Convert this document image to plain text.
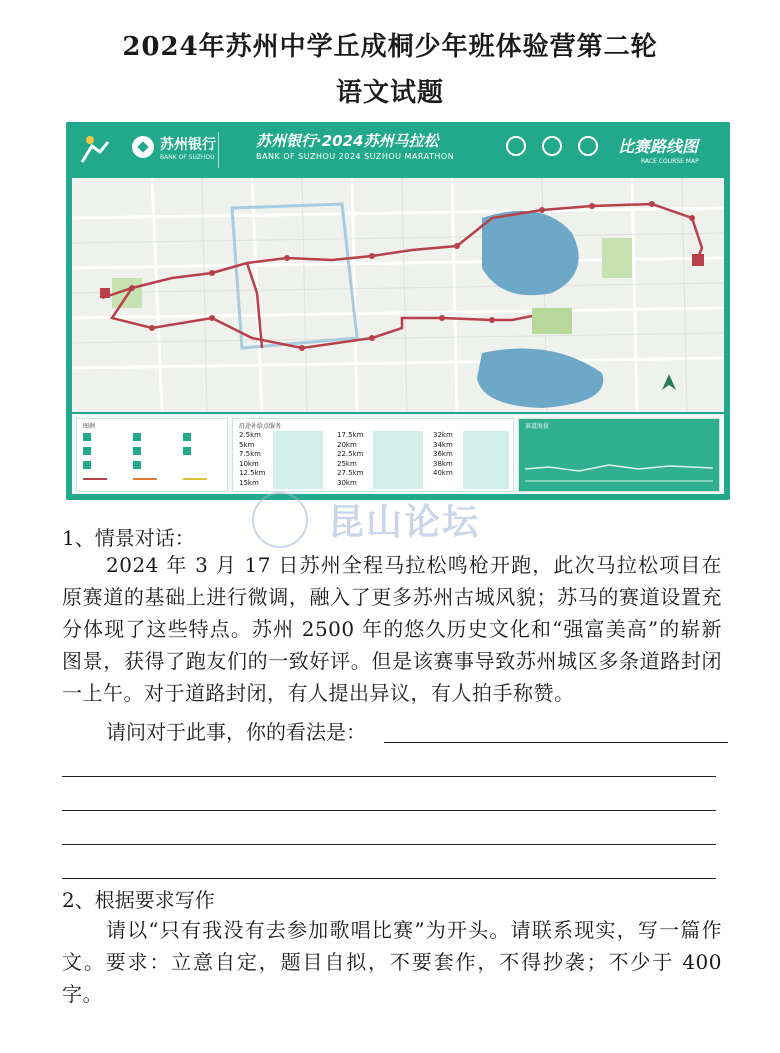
2024年苏州中学丘成桐少年班体验营第二轮
语文试题
苏州银行
BANK OF SUZHOU
苏州银行·2024苏州马拉松
BANK OF SUZHOU 2024 SUZHOU MARATHON
比赛路线图
RACE COURSE MAP
图例	沿途补给点服务
2.5km
5km
7.5km
10km
12.5km
15km
17.5km
20km
22.5km
25km
27.5km
30km
32km
34km
36km
38km
40km
赛道海拔
昆山论坛
1、情景对话：
2024 年 3 月 17 日苏州全程马拉松鸣枪开跑，此次马拉松项目在原赛道的基础上进行微调，融入了更多苏州古城风貌；苏马的赛道设置充分体现了这些特点。苏州 2500 年的悠久历史文化和“强富美高”的崭新图景，获得了跑友们的一致好评。但是该赛事导致苏州城区多条道路封闭一上午。对于道路封闭，有人提出异议，有人拍手称赞。
请问对于此事，你的看法是：
2、根据要求写作
请以“只有我没有去参加歌唱比赛”为开头。请联系现实，写一篇作文。要求：立意自定，题目自拟，不要套作，不得抄袭；不少于 400 字。
